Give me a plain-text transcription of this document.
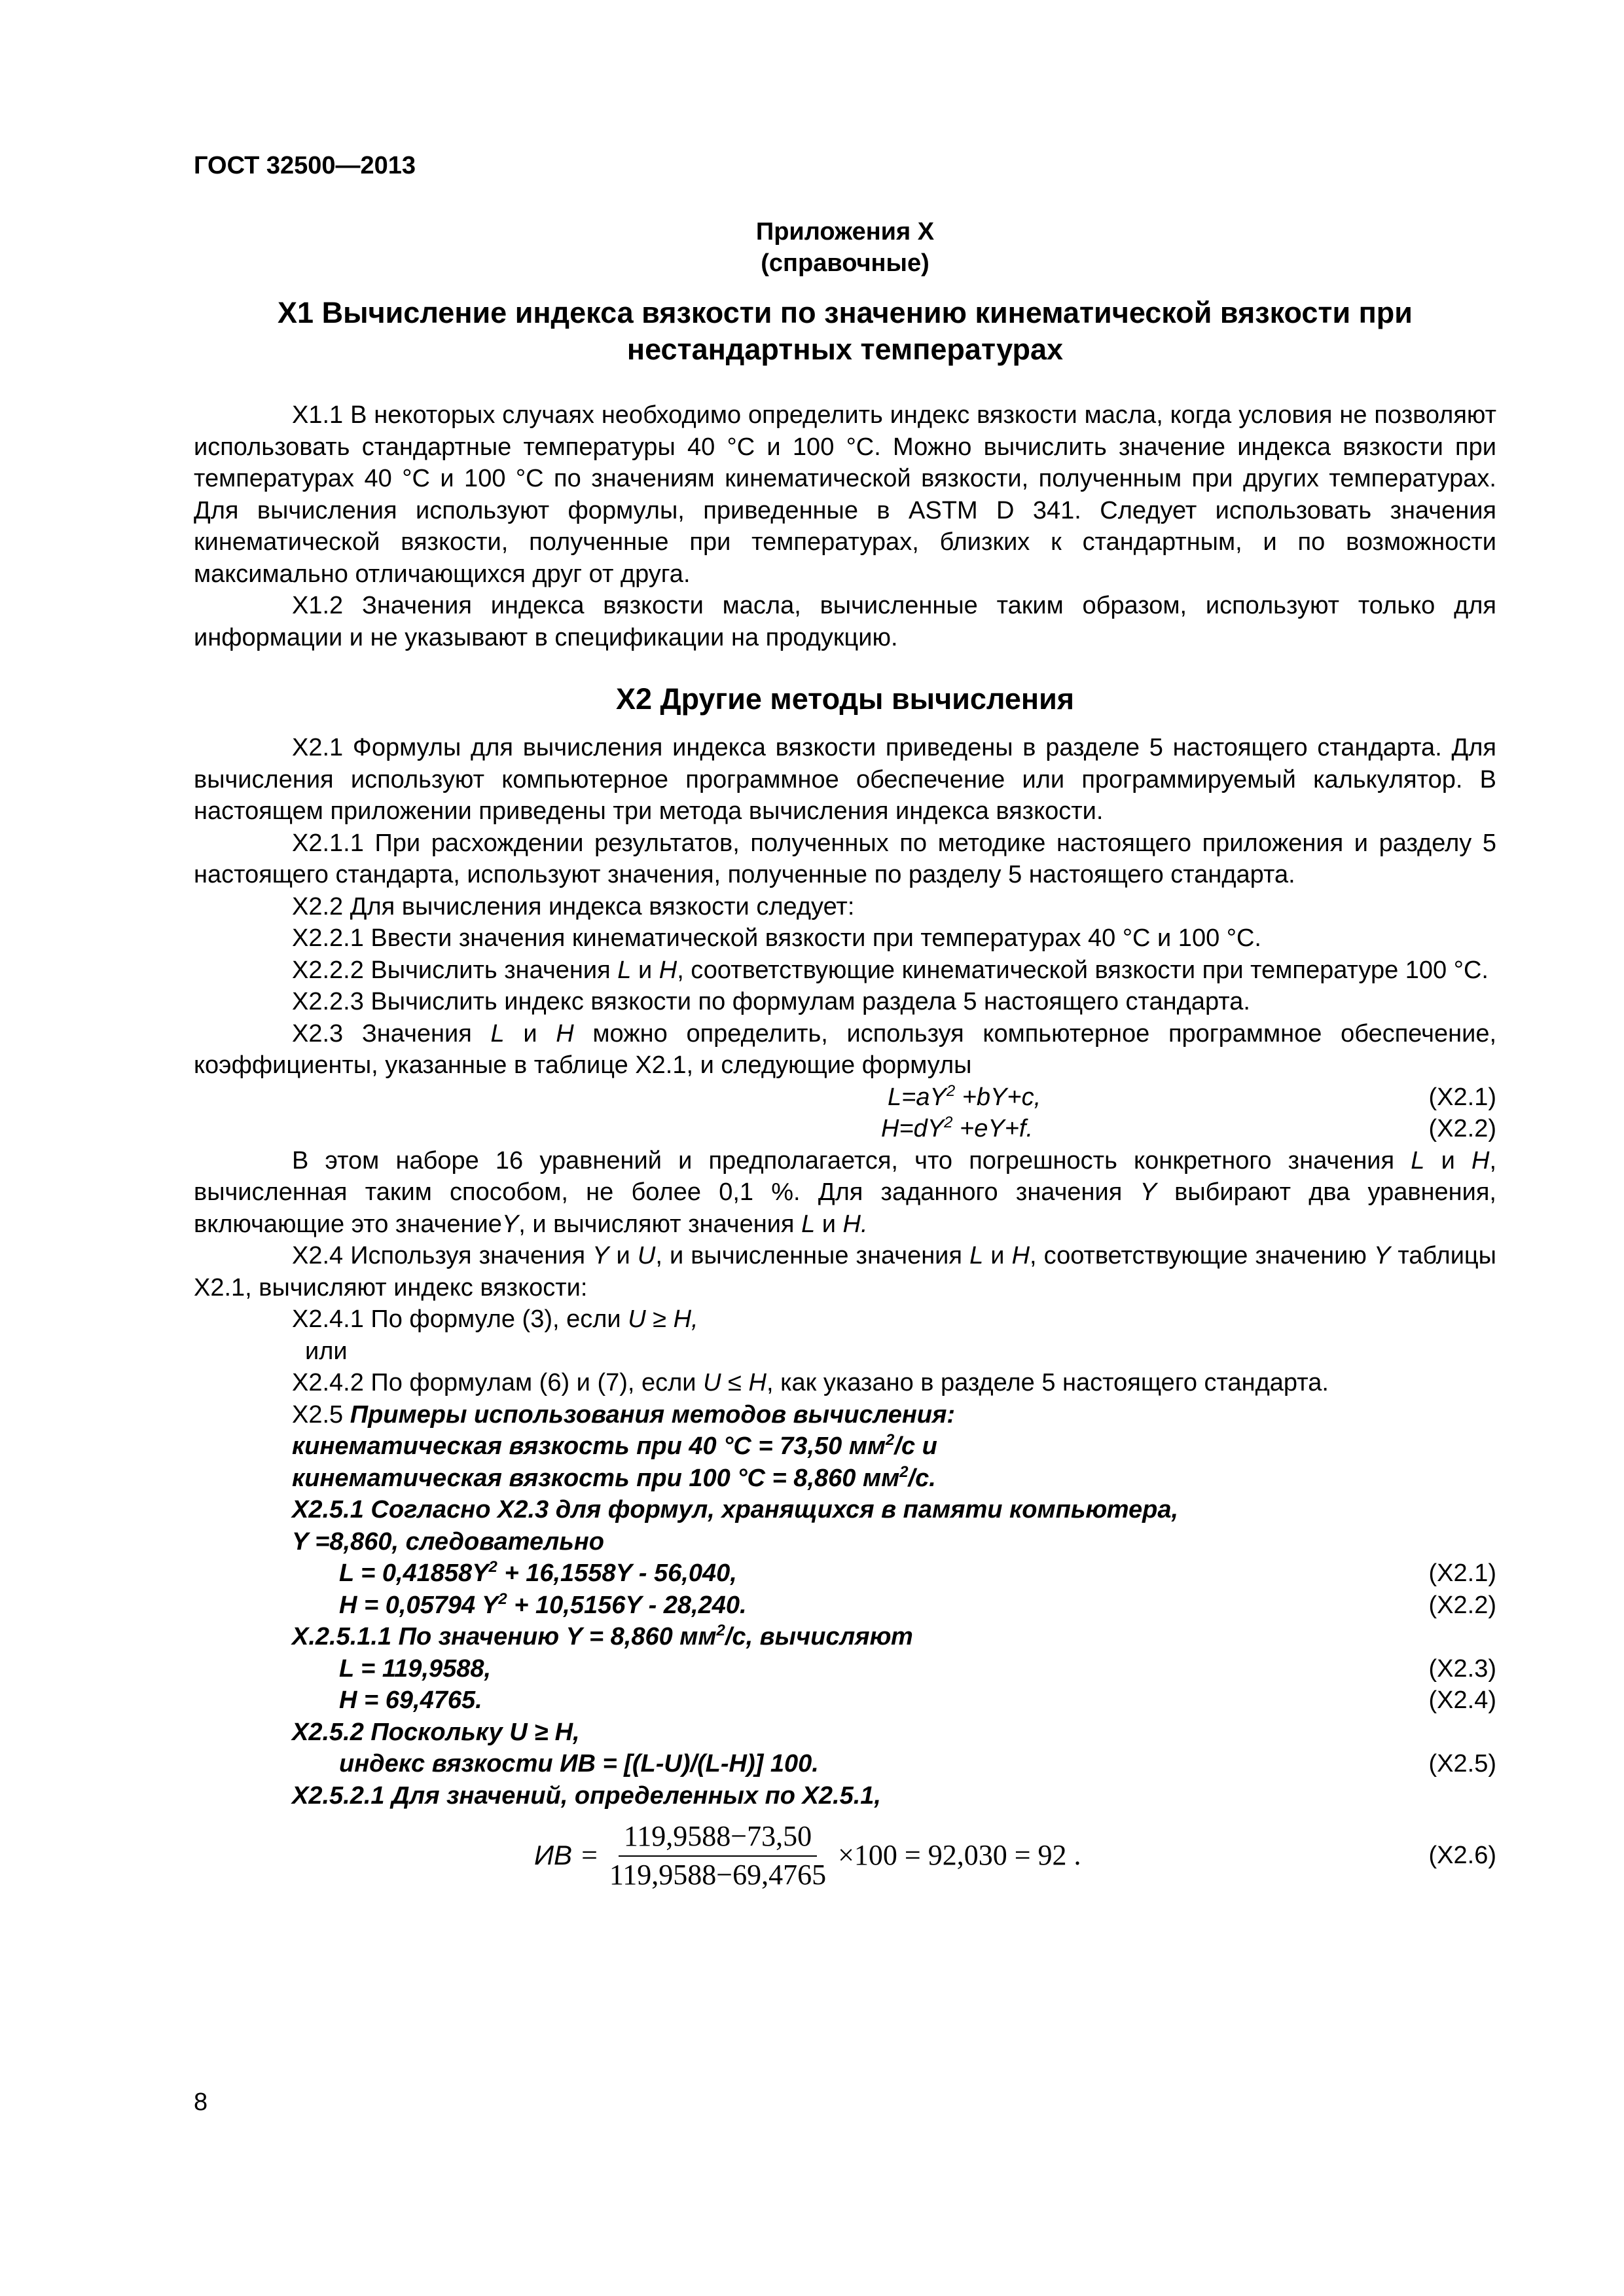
ГОСТ 32500—2013
Приложения X
(справочные)
X1 Вычисление индекса вязкости по значению кинематической вязкости при
нестандартных температурах

X1.1 В некоторых случаях необходимо определить индекс вязкости масла, когда условия не позволяют использовать стандартные температуры 40 °С и 100 °С. Можно вычислить значение индекса вязкости при температурах 40 °С и 100 °С по значениям кинематической вязкости, полученным при других температурах. Для вычисления используют формулы, приведенные в ASTM D 341. Следует использовать значения кинематической вязкости, полученные при температурах, близких к стандартным, и по возможности максимально отличающихся друг от друга.

X1.2 Значения индекса вязкости масла, вычисленные таким образом, используют только для информации и не указывают в спецификации на продукцию.

X2 Другие методы вычисления

X2.1 Формулы для вычисления индекса вязкости приведены в разделе 5 настоящего стандарта. Для вычисления используют компьютерное программное обеспечение или программируемый калькулятор. В настоящем приложении приведены три метода вычисления индекса вязкости.

X2.1.1 При расхождении результатов, полученных по методике настоящего приложения и разделу 5 настоящего стандарта, используют значения, полученные по разделу 5 настоящего стандарта.

X2.2 Для вычисления индекса вязкости следует:

X2.2.1 Ввести значения кинематической вязкости при температурах 40 °С и 100 °С.

X2.2.2 Вычислить значения L и H, соответствующие кинематической вязкости при температуре 100 °С.

X2.2.3 Вычислить индекс вязкости по формулам раздела 5 настоящего стандарта.

X2.3 Значения L и H можно определить, используя компьютерное программное обеспечение, коэффициенты, указанные в таблице X2.1, и следующие формулы

$L=aY^2 +bY+c$,	(X2.1)
$H=dY^2 +eY+f$.	(X2.2)

В этом наборе 16 уравнений и предполагается, что погрешность конкретного значения L и H, вычисленная таким способом, не более 0,1 %. Для заданного значения Y выбирают два уравнения, включающие это значениеY, и вычисляют значения L и H.

X2.4 Используя значения Y и U, и вычисленные значения L и H, соответствующие значению Y таблицы X2.1, вычисляют индекс вязкости:

X2.4.1 По формуле (3), если U ≥ H,

или

X2.4.2 По формулам (6) и (7), если U ≤ H, как указано в разделе 5 настоящего стандарта.

X2.5 Примеры использования методов вычисления:

кинематическая вязкость при 40 °С = 73,50 $мм^2/с$ и

кинематическая вязкость при 100 °С = 8,860 $мм^2/с$.

X2.5.1 Согласно X2.3 для формул, хранящихся в памяти компьютера,

Y =8,860, следовательно

$L = 0,41858Y^2 + 16,1558Y - 56,040$,	(X2.1)
H = 0,05794 $Y^2 + 10,5156Y - 28,240$.	(X2.2)

X.2.5.1.1 По значению Y = 8,860 $мм^2/с$, вычисляют

L = 119,9588,	(X2.3)
H = 69,4765.	(X2.4)

X2.5.2 Поскольку U ≥ H,

индекс вязкости ИВ = [(L-U)/(L-H)] 100.	(X2.5)

X2.5.2.1 Для значений, определенных по X2.5.1,

ИВ = $\frac{119,9588-73,50}{119,9588-69,4765} \times 100 = 92,030 = 92$ .	(X2.6)
8
